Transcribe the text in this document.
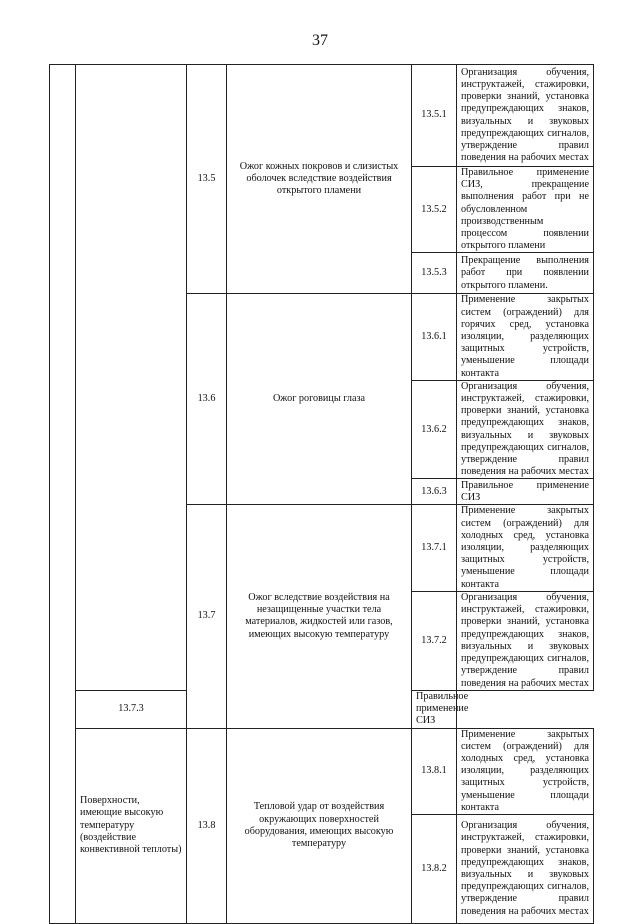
37
		13.5	Ожог кожных покровов и слизистых оболочек вследствие воздействия открытого пламени	13.5.1	Организация обучения, инструктажей, стажировки, проверки знаний, установка предупреждающих знаков, визуальных и звуковых предупреждающих сигналов, утверждение правил поведения на рабочих местах
				13.5.2	Правильное применение СИЗ, прекращение выполнения работ при не обусловленном производственным процессом появлении открытого пламени
				13.5.3	Прекращение выполнения работ при появлении открытого пламени.
		13.6	Ожог роговицы глаза	13.6.1	Применение закрытых систем (ограждений) для горячих сред, установка изоляции, разделяющих защитных устройств, уменьшение площади контакта
				13.6.2	Организация обучения, инструктажей, стажировки, проверки знаний, установка предупреждающих знаков, визуальных и звуковых предупреждающих сигналов, утверждение правил поведения на рабочих местах
				13.6.3	Правильное применение СИЗ
		13.7	Ожог вследствие воздействия на незащищенные участки тела материалов, жидкостей или газов, имеющих высокую температуру	13.7.1	Применение закрытых систем (ограждений) для холодных сред, установка изоляции, разделяющих защитных устройств, уменьшение площади контакта
				13.7.2	Организация обучения, инструктажей, стажировки, проверки знаний, установка предупреждающих знаков, визуальных и звуковых предупреждающих сигналов, утверждение правил поведения на рабочих местах
	13.7.3			Правильное применение СИЗ	
	Поверхности, имеющие высокую температуру (воздействие конвективной теплоты)	13.8	Тепловой удар от воздействия окружающих поверхностей оборудования, имеющих высокую температуру	13.8.1	Применение закрытых систем (ограждений) для холодных сред, установка изоляции, разделяющих защитных устройств, уменьшение площади контакта
				13.8.2	Организация обучения, инструктажей, стажировки, проверки знаний, установка предупреждающих знаков, визуальных и звуковых предупреждающих сигналов, утверждение правил поведения на рабочих местах
